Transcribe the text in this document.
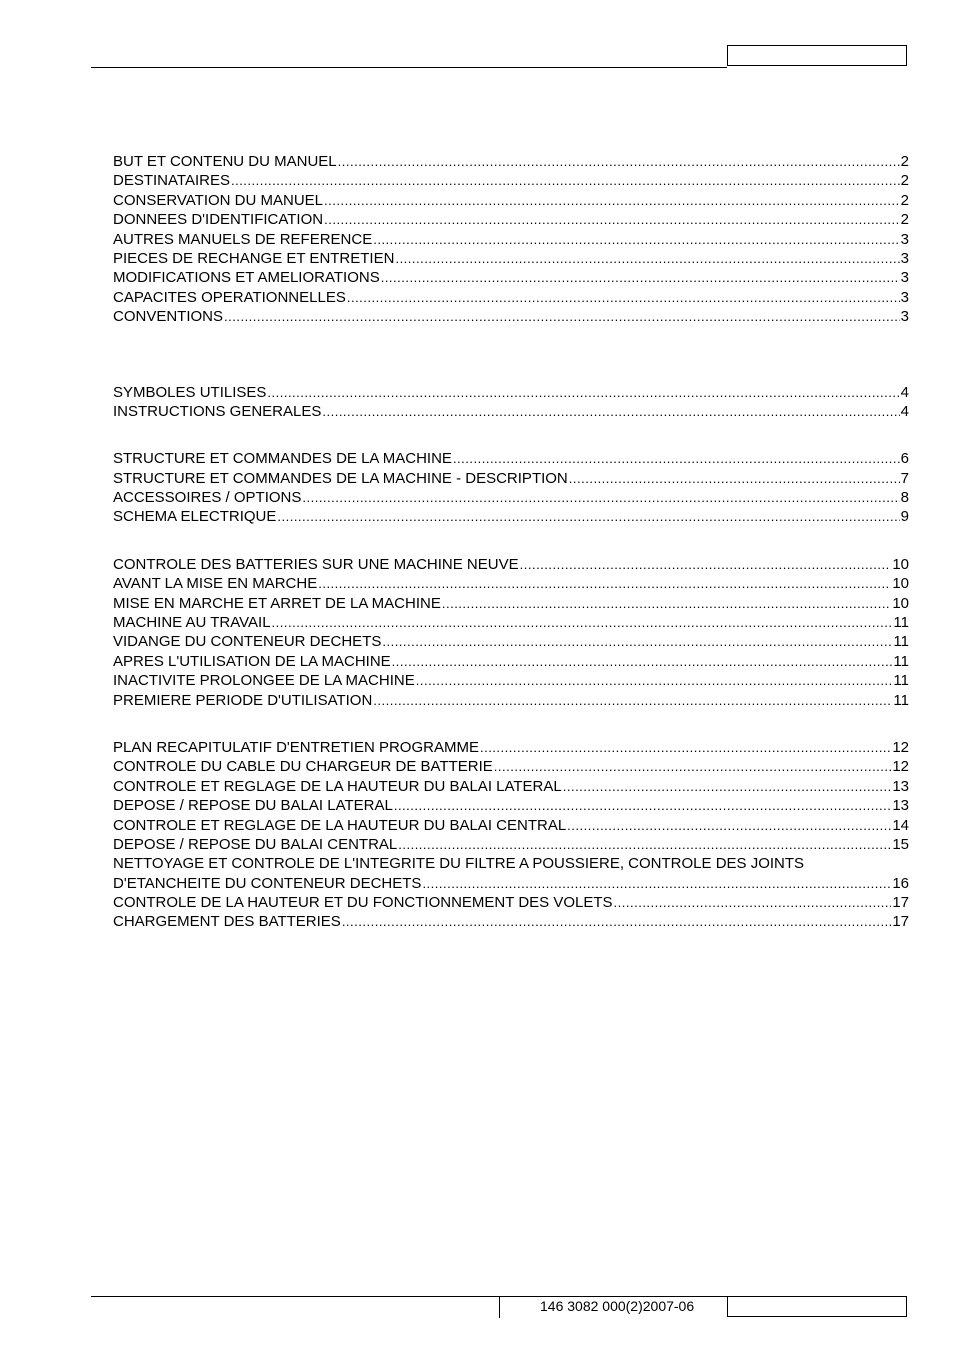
BUT ET CONTENU DU MANUEL .....	2
DESTINATAIRES .....	2
CONSERVATION DU MANUEL .....	2
DONNEES D'IDENTIFICATION .....	2
AUTRES MANUELS DE REFERENCE .....	3
PIECES DE RECHANGE ET ENTRETIEN .....	3
MODIFICATIONS ET AMELIORATIONS .....	3
CAPACITES OPERATIONNELLES .....	3
CONVENTIONS .....	3
SYMBOLES UTILISES .....	4
INSTRUCTIONS GENERALES .....	4
STRUCTURE ET COMMANDES DE LA MACHINE .....	6
STRUCTURE ET COMMANDES DE LA MACHINE - DESCRIPTION .....	7
ACCESSOIRES / OPTIONS .....	8
SCHEMA ELECTRIQUE .....	9
CONTROLE DES BATTERIES SUR UNE MACHINE NEUVE .....	10
AVANT LA MISE EN MARCHE .....	10
MISE EN MARCHE ET ARRET DE LA MACHINE .....	10
MACHINE AU TRAVAIL .....	11
VIDANGE DU CONTENEUR DECHETS .....	11
APRES L'UTILISATION DE LA MACHINE .....	11
INACTIVITE PROLONGEE DE LA MACHINE .....	11
PREMIERE PERIODE D'UTILISATION .....	11
PLAN RECAPITULATIF D'ENTRETIEN PROGRAMME .....	12
CONTROLE DU CABLE DU CHARGEUR DE BATTERIE .....	12
CONTROLE ET REGLAGE DE LA HAUTEUR DU BALAI LATERAL .....	13
DEPOSE / REPOSE DU BALAI LATERAL .....	13
CONTROLE ET REGLAGE DE LA HAUTEUR DU BALAI CENTRAL .....	14
DEPOSE / REPOSE DU BALAI CENTRAL .....	15
NETTOYAGE ET CONTROLE DE L'INTEGRITE DU FILTRE A POUSSIERE, CONTROLE DES JOINTS
D'ETANCHEITE DU CONTENEUR DECHETS .....	16
CONTROLE DE LA HAUTEUR ET DU FONCTIONNEMENT DES VOLETS .....	17
CHARGEMENT DES BATTERIES .....	17
146 3082 000(2)2007-06
